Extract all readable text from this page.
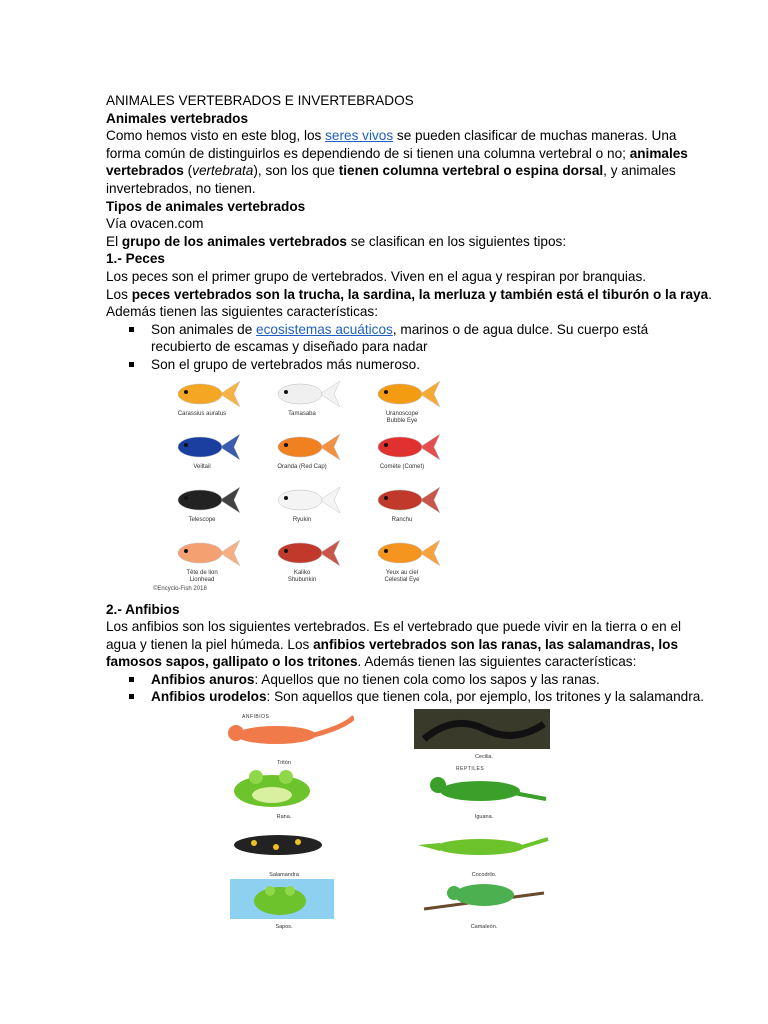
ANIMALES VERTEBRADOS E INVERTEBRADOS
Animales vertebrados
Como hemos visto en este blog, los seres vivos se pueden clasificar de muchas maneras. Una
forma común de distinguirlos es dependiendo de si tienen una columna vertebral o no; animales
vertebrados (vertebrata), son los que tienen columna vertebral o espina dorsal, y animales
invertebrados, no tienen.
Tipos de animales vertebrados
Vía ovacen.com
El grupo de los animales vertebrados se clasifican en los siguientes tipos:
1.- Peces
Los peces son el primer grupo de vertebrados. Viven en el agua y respiran por branquias.
Los peces vertebrados son la trucha, la sardina, la merluza y también está el tiburón o la raya.
Además tienen las siguientes características:
Son animales de ecosistemas acuáticos, marinos o de agua dulce. Su cuerpo está
recubierto de escamas y diseñado para nadar
Son el grupo de vertebrados más numeroso.
©Encyclo-Fish 2018
Carassius auratus	Tamasaba	Uranoscope
Bubble Eye
Veiltail	Oranda (Red Cap)	Comète (Comet)
Telescope	Ryukin	Ranchu
Tête de lion
Lionhead
Kaliko
Shubunkin
Yeux au ciel
Celestial Eye
2.- Anfibios
Los anfibios son los siguientes vertebrados. Es el vertebrado que puede vivir en la tierra o en el
agua y tienen la piel húmeda. Los anfibios vertebrados son las ranas, las salamandras, los
famosos sapos, gallipato o los tritones. Además tienen las siguientes características:
Anfibios anuros: Aquellos que no tienen cola como los sapos y las ranas.
Anfibios urodelos: Son aquellos que tienen cola, por ejemplo, los tritones y la salamandra.
ANFIBIOS
REPTILES
Tritón
Rana.
Salamandra
Sapos.
Cecilia.
Iguana.
Cocodrilo.
Camaleón.
